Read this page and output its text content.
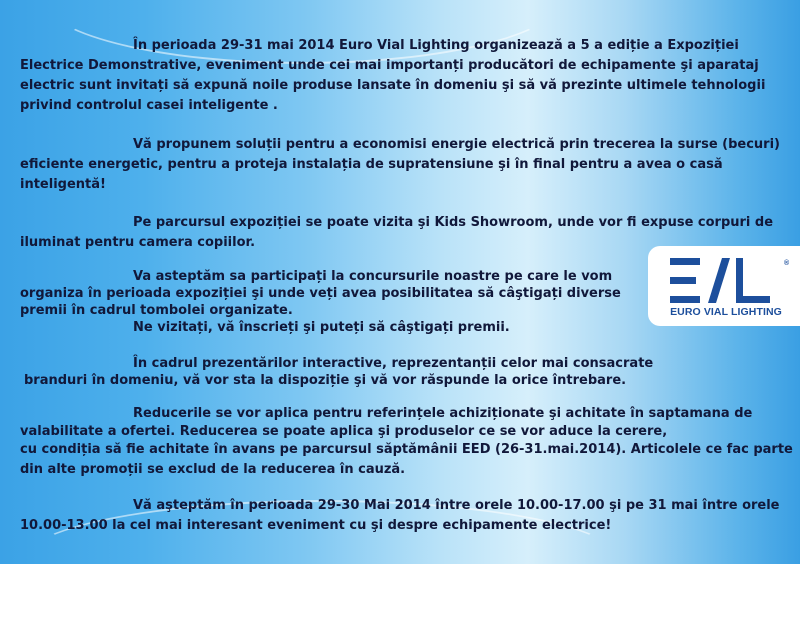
În perioada 29-31 mai 2014 Euro Vial Lighting organizează a 5 a ediție a Expoziției
Electrice Demonstrative, eveniment unde cei mai importanți producători de echipamente şi aparataj
electric sunt invitați să expună noile produse lansate în domeniu şi să vă prezinte ultimele tehnologii
privind controlul casei inteligente .
Vă propunem soluții pentru a economisi energie electrică prin trecerea la surse (becuri)
eficiente energetic, pentru a proteja instalația de supratensiune şi în final pentru a avea o casă
inteligentă!
Pe parcursul expoziției se poate vizita şi Kids Showroom, unde vor fi expuse corpuri de
iluminat pentru camera copiilor.
Va asteptăm sa participați la concursurile noastre pe care le vom
organiza în perioada expoziției şi unde veți avea posibilitatea să câştigați diverse
premii în cadrul tombolei organizate.
Ne vizitați, vă înscrieți şi puteți să câştigați premii.
În cadrul prezentărilor interactive, reprezentanții celor mai consacrate
branduri în domeniu, vă vor sta la dispoziție şi vă vor răspunde la orice întrebare.
Reducerile se vor aplica pentru referințele achiziționate şi achitate în saptamana de
valabilitate a ofertei. Reducerea se poate aplica şi produselor ce se vor aduce la cerere,
cu condiția să fie achitate în avans pe parcursul săptămânii EED (26-31.mai.2014). Articolele ce fac parte
din alte promoții se exclud de la reducerea în cauză.
Vă aşteptăm în perioada 29-30 Mai 2014 între orele 10.00-17.00 şi pe 31 mai între orele
10.00-13.00 la cel mai interesant eveniment cu şi despre echipamente electrice!
®
EURO VIAL LIGHTING
